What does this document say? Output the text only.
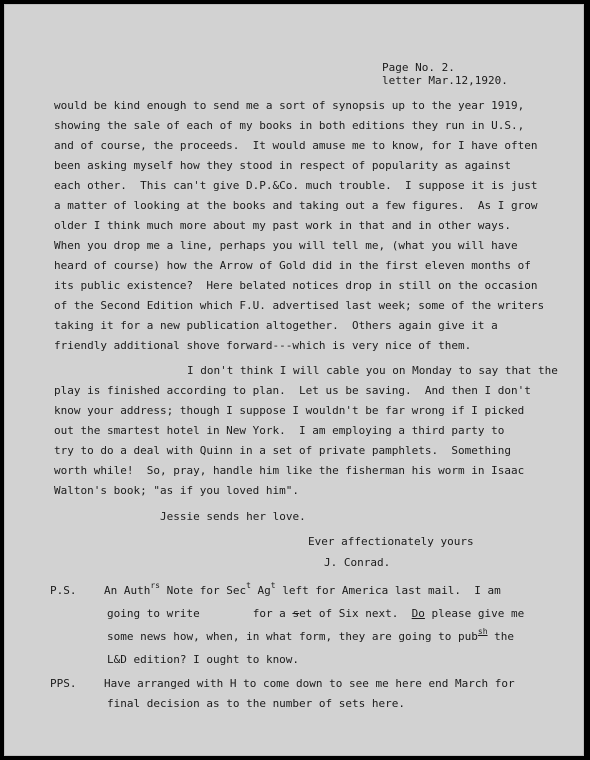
Page No. 2.
letter Mar.12,1920.
would be kind enough to send me a sort of synopsis up to the year 1919,
showing the sale of each of my books in both editions they run in U.S.,
and of course, the proceeds.  It would amuse me to know, for I have often
been asking myself how they stood in respect of popularity as against
each other.  This can't give D.P.&Co. much trouble.  I suppose it is just
a matter of looking at the books and taking out a few figures.  As I grow
older I think much more about my past work in that and in other ways.
When you drop me a line, perhaps you will tell me, (what you will have
heard of course) how the Arrow of Gold did in the first eleven months of
its public existence?  Here belated notices drop in still on the occasion
of the Second Edition which F.U. advertised last week; some of the writers
taking it for a new publication altogether.  Others again give it a
friendly additional shove forward---which is very nice of them.
I don't think I will cable you on Monday to say that the
play is finished according to plan.  Let us be saving.  And then I don't
know your address; though I suppose I wouldn't be far wrong if I picked
out the smartest hotel in New York.  I am employing a third party to
try to do a deal with Quinn in a set of private pamphlets.  Something
worth while!  So, pray, handle him like the fisherman his worm in Isaac
Walton's book; "as if you loved him".
Jessie sends her love.
Ever affectionately yours
J. Conrad.
P.S.	An Auth$^{rs}$ Note for Sec$^t$ Ag$^t$ left for America last mail.  I am
going to write        for a set of Six next.  Do please give me
some news how, when, in what form, they are going to pub$^{sh}$ the
L&D edition? I ought to know.
PPS.	Have arranged with H to come down to see me here end March for
final decision as to the number of sets here.
